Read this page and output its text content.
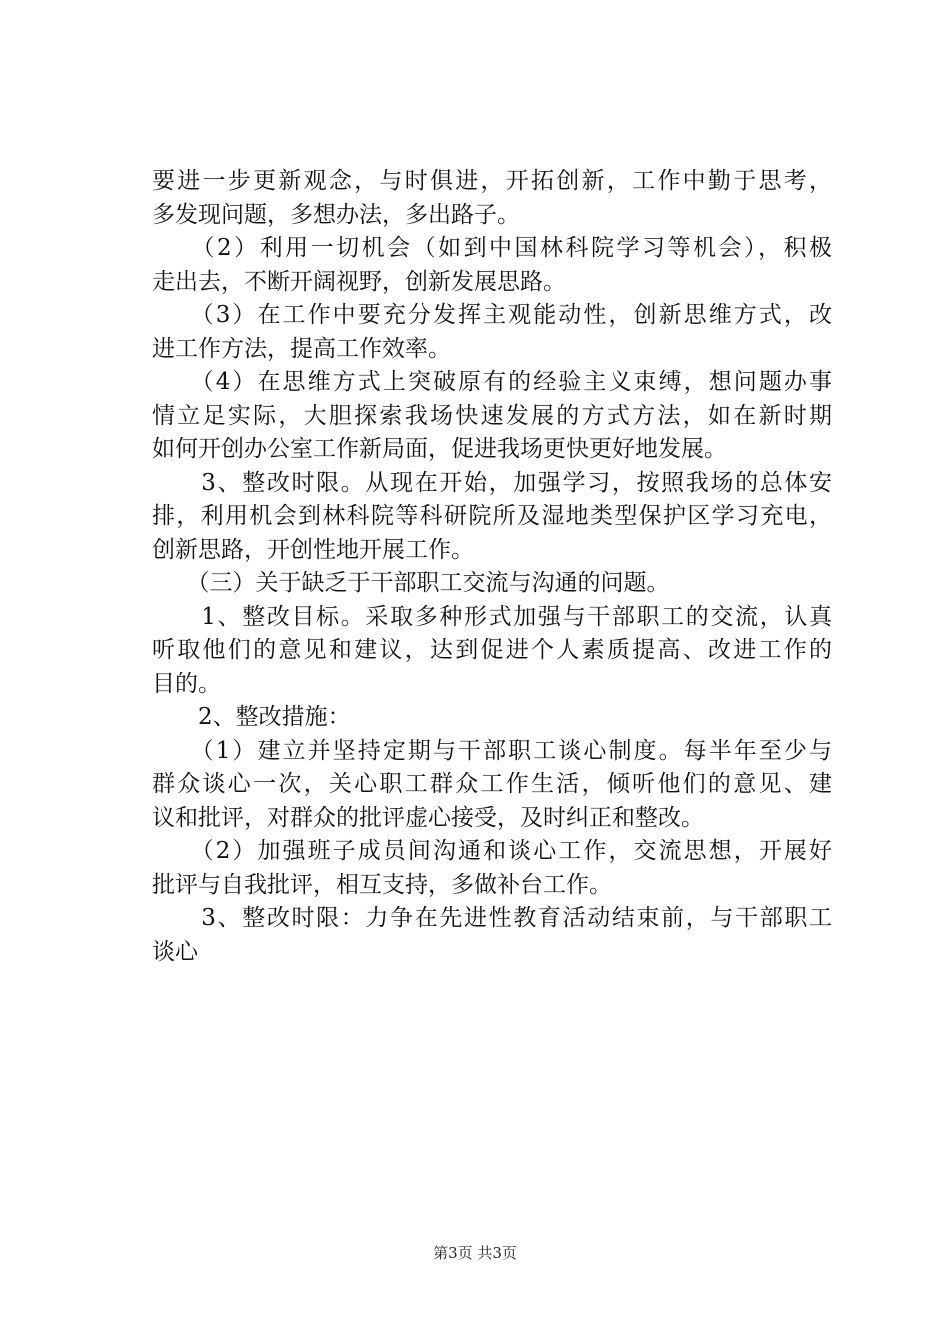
要进一步更新观念，与时俱进，开拓创新，工作中勤于思考，
多发现问题，多想办法，多出路子。
　　（2）利用一切机会（如到中国林科院学习等机会），积极
走出去，不断开阔视野，创新发展思路。
　　（3）在工作中要充分发挥主观能动性，创新思维方式，改
进工作方法，提高工作效率。
　　（4）在思维方式上突破原有的经验主义束缚，想问题办事
情立足实际，大胆探索我场快速发展的方式方法，如在新时期
如何开创办公室工作新局面，促进我场更快更好地发展。
　　3、整改时限。从现在开始，加强学习，按照我场的总体安
排，利用机会到林科院等科研院所及湿地类型保护区学习充电，
创新思路，开创性地开展工作。
　　（三）关于缺乏于干部职工交流与沟通的问题。
　　1、整改目标。采取多种形式加强与干部职工的交流，认真
听取他们的意见和建议，达到促进个人素质提高、改进工作的
目的。
　　2、整改措施：
　　（1）建立并坚持定期与干部职工谈心制度。每半年至少与
群众谈心一次，关心职工群众工作生活，倾听他们的意见、建
议和批评，对群众的批评虚心接受，及时纠正和整改。
　　（2）加强班子成员间沟通和谈心工作，交流思想，开展好
批评与自我批评，相互支持，多做补台工作。
　　3、整改时限：力争在先进性教育活动结束前，与干部职工
谈心
第3页 共3页
